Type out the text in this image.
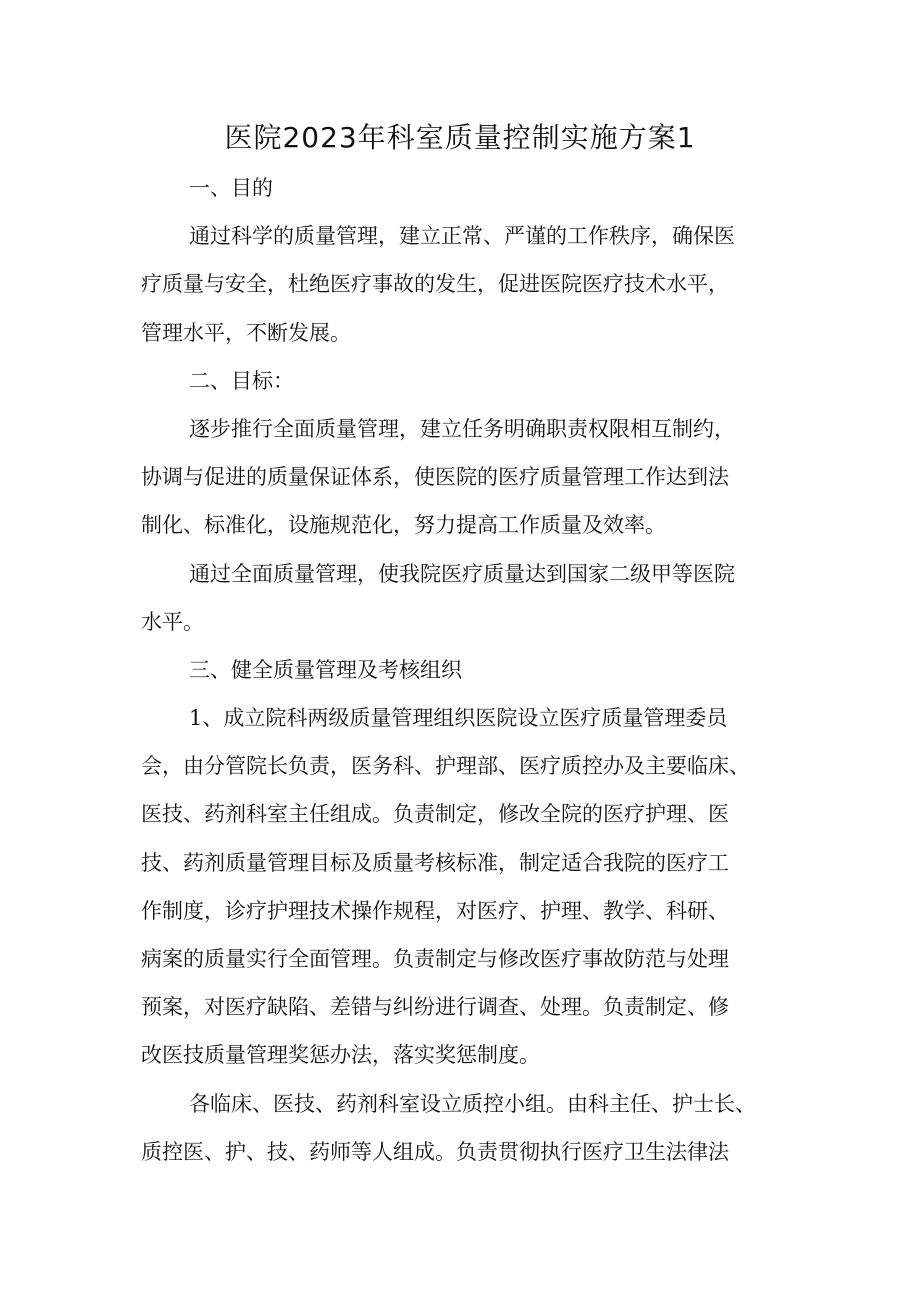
医院2023年科室质量控制实施方案1

一、目的

通过科学的质量管理，建立正常、严谨的工作秩序，确保医
疗质量与安全，杜绝医疗事故的发生，促进医院医疗技术水平，
管理水平，不断发展。

二、目标：

逐步推行全面质量管理，建立任务明确职责权限相互制约，
协调与促进的质量保证体系，使医院的医疗质量管理工作达到法
制化、标准化，设施规范化，努力提高工作质量及效率。

通过全面质量管理，使我院医疗质量达到国家二级甲等医院
水平。

三、健全质量管理及考核组织

1、成立院科两级质量管理组织医院设立医疗质量管理委员
会，由分管院长负责，医务科、护理部、医疗质控办及主要临床、
医技、药剂科室主任组成。负责制定，修改全院的医疗护理、医
技、药剂质量管理目标及质量考核标准，制定适合我院的医疗工
作制度，诊疗护理技术操作规程，对医疗、护理、教学、科研、
病案的质量实行全面管理。负责制定与修改医疗事故防范与处理
预案，对医疗缺陷、差错与纠纷进行调查、处理。负责制定、修
改医技质量管理奖惩办法，落实奖惩制度。

各临床、医技、药剂科室设立质控小组。由科主任、护士长、
质控医、护、技、药师等人组成。负责贯彻执行医疗卫生法律法
